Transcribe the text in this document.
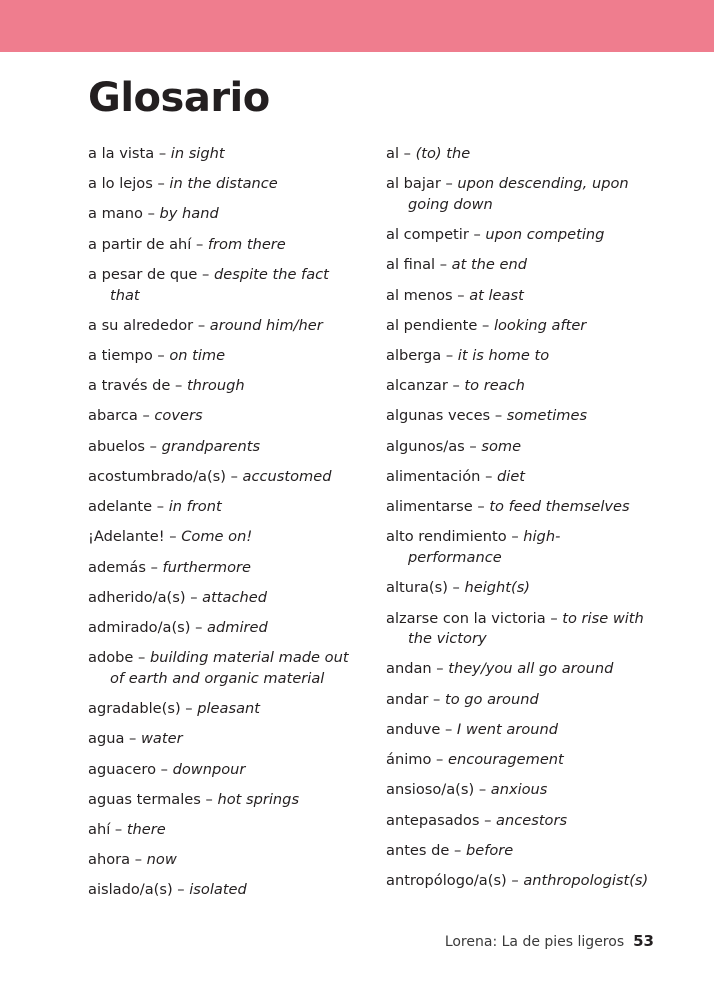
Glosario
a la vista – in sight
a lo lejos – in the distance
a mano – by hand
a partir de ahí – from there
a pesar de que – despite the fact that
a su alrededor – around him/her
a tiempo – on time
a través de – through
abarca – covers
abuelos – grandparents
acostumbrado/a(s) – accustomed
adelante – in front
¡Adelante! – Come on!
además – furthermore
adherido/a(s) – attached
admirado/a(s) – admired
adobe – building material made out of earth and organic material
agradable(s) – pleasant
agua – water
aguacero – downpour
aguas termales – hot springs
ahí – there
ahora – now
aislado/a(s) – isolated
al – (to) the
al bajar – upon descending, upon going down
al competir – upon competing
al final – at the end
al menos – at least
al pendiente – looking after
alberga – it is home to
alcanzar – to reach
algunas veces – sometimes
algunos/as – some
alimentación – diet
alimentarse – to feed themselves
alto rendimiento – high-performance
altura(s) – height(s)
alzarse con la victoria – to rise with the victory
andan – they/you all go around
andar – to go around
anduve – I went around
ánimo – encouragement
ansioso/a(s) – anxious
antepasados – ancestors
antes de – before
antropólogo/a(s) – anthropologist(s)
Lorena: La de pies ligeros 53
